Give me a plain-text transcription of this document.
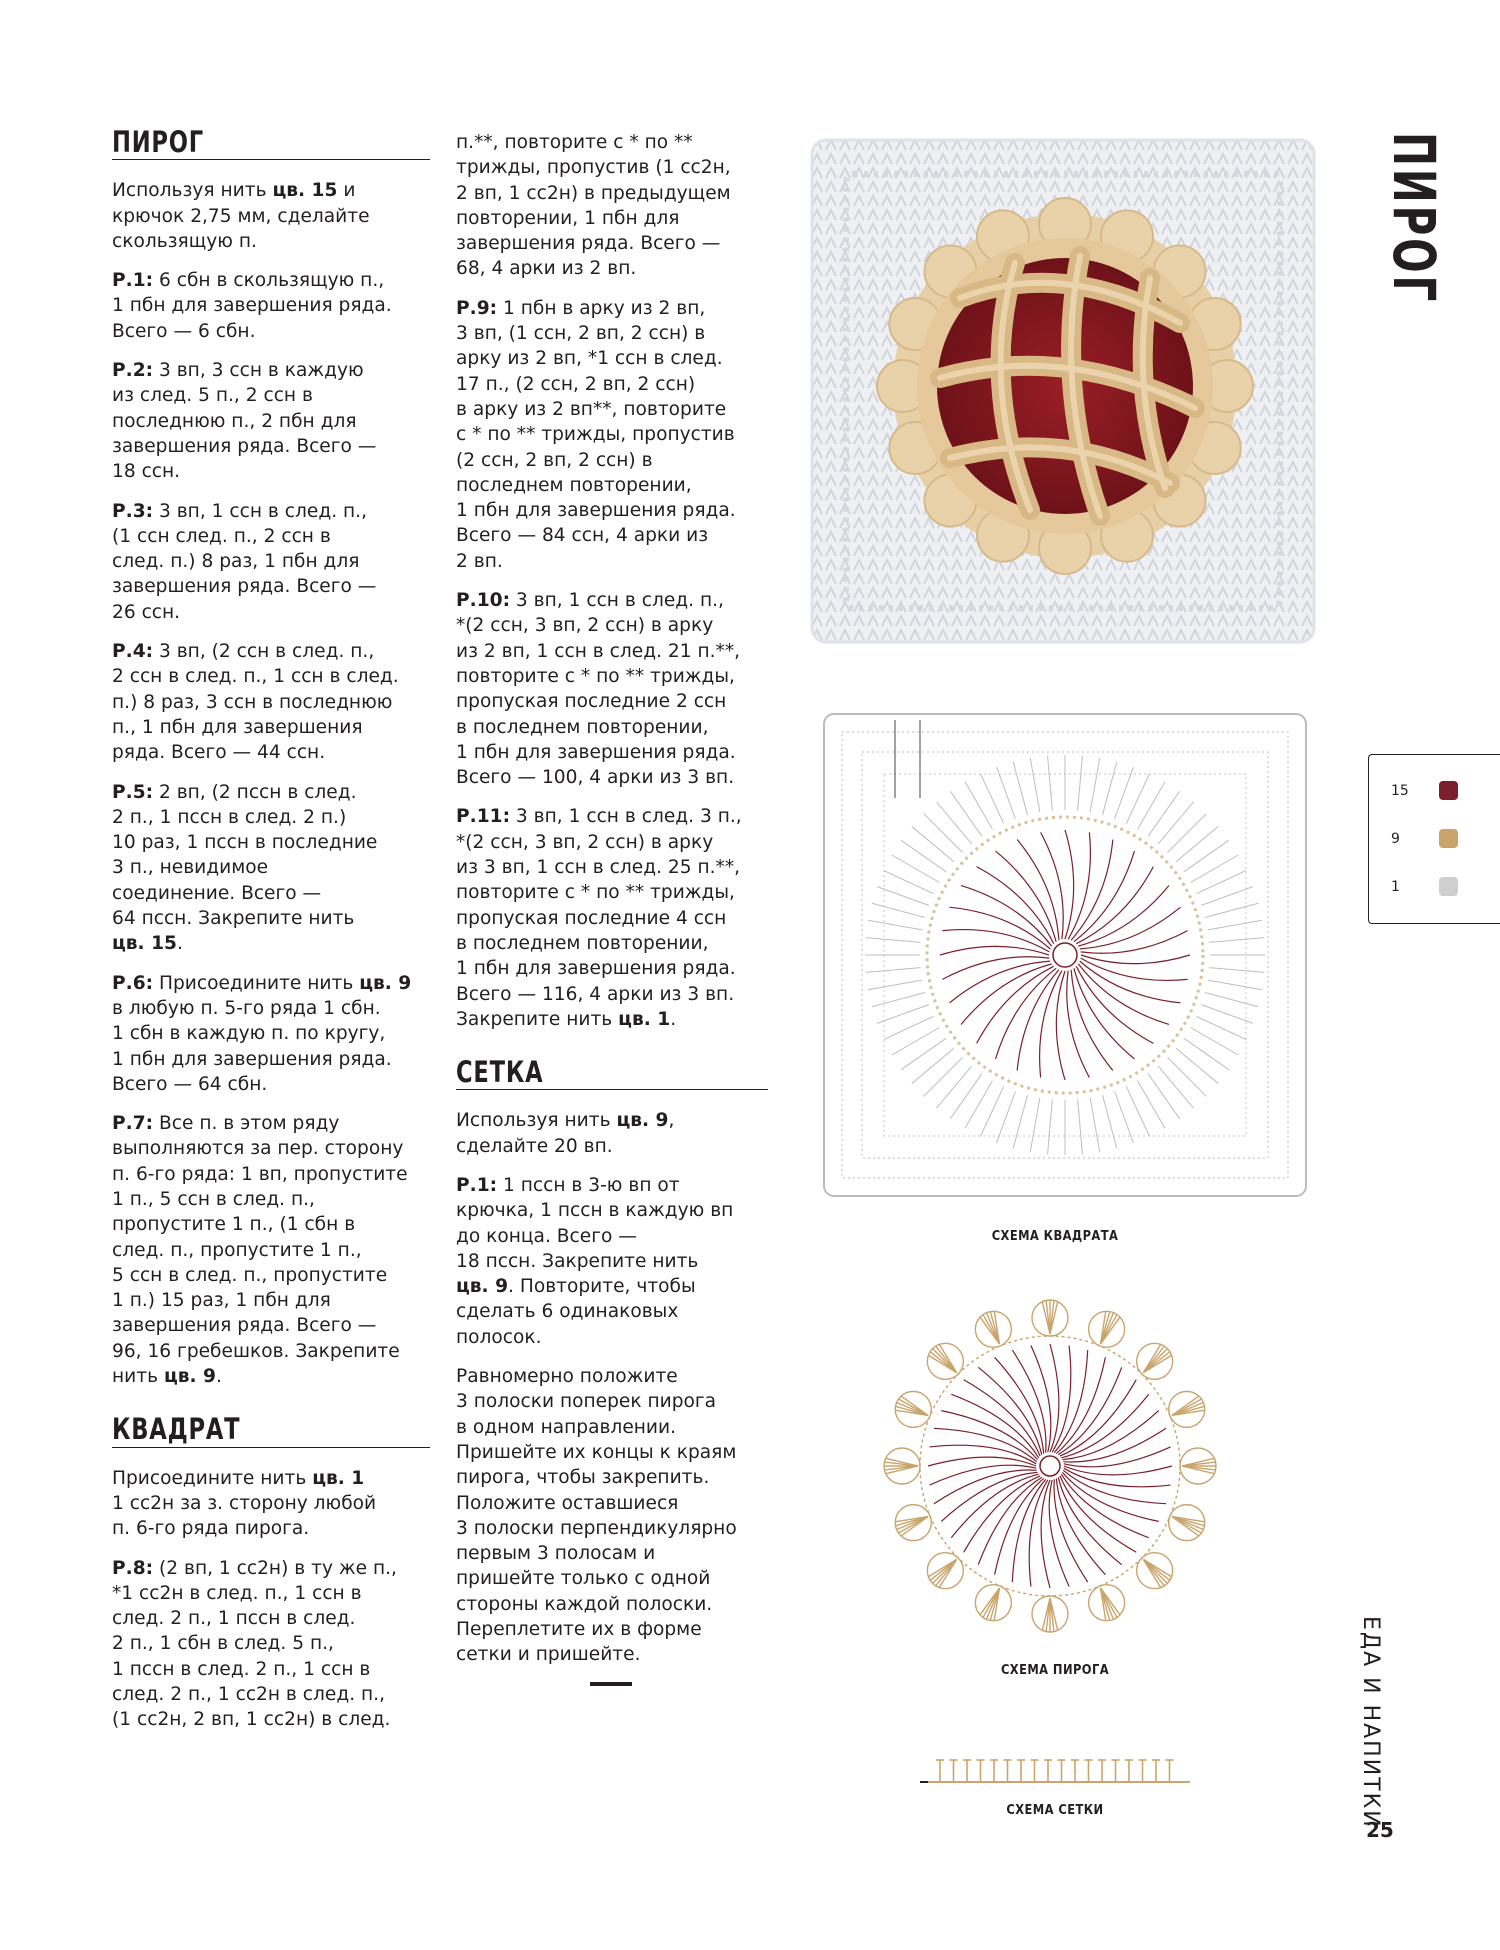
ПИРОГ

Используя нить цв. 15 и
крючок 2,75 мм, сделайте
скользящую п.

Р.1: 6 сбн в скользящую п.,
1 пбн для завершения ряда.
Всего — 6 сбн.

Р.2: 3 вп, 3 ссн в каждую
из след. 5 п., 2 ссн в
последнюю п., 2 пбн для
завершения ряда. Всего —
18 ссн.

Р.3: 3 вп, 1 ссн в след. п.,
(1 ссн след. п., 2 ссн в
след. п.) 8 раз, 1 пбн для
завершения ряда. Всего —
26 ссн.

Р.4: 3 вп, (2 ссн в след. п.,
2 ссн в след. п., 1 ссн в след.
п.) 8 раз, 3 ссн в последнюю
п., 1 пбн для завершения
ряда. Всего — 44 ссн.

Р.5: 2 вп, (2 пссн в след.
2 п., 1 пссн в след. 2 п.)
10 раз, 1 пссн в последние
3 п., невидимое
соединение. Всего —
64 пссн. Закрепите нить
цв. 15.

Р.6: Присоедините нить цв. 9
в любую п. 5-го ряда 1 сбн.
1 сбн в каждую п. по кругу,
1 пбн для завершения ряда.
Всего — 64 сбн.

Р.7: Все п. в этом ряду
выполняются за пер. сторону
п. 6-го ряда: 1 вп, пропустите
1 п., 5 ссн в след. п.,
пропустите 1 п., (1 сбн в
след. п., пропустите 1 п.,
5 ссн в след. п., пропустите
1 п.) 15 раз, 1 пбн для
завершения ряда. Всего —
96, 16 гребешков. Закрепите
нить цв. 9.

КВАДРАТ

Присоедините нить цв. 1
1 сс2н за з. сторону любой
п. 6-го ряда пирога.

Р.8: (2 вп, 1 сс2н) в ту же п.,
*1 сс2н в след. п., 1 ссн в
след. 2 п., 1 пссн в след.
2 п., 1 сбн в след. 5 п.,
1 пссн в след. 2 п., 1 ссн в
след. 2 п., 1 сс2н в след. п.,
(1 сс2н, 2 вп, 1 сс2н) в след.

п.**, повторите с * по **
трижды, пропустив (1 сс2н,
2 вп, 1 сс2н) в предыдущем
повторении, 1 пбн для
завершения ряда. Всего —
68, 4 арки из 2 вп.

Р.9: 1 пбн в арку из 2 вп,
3 вп, (1 ссн, 2 вп, 2 ссн) в
арку из 2 вп, *1 ссн в след.
17 п., (2 ссн, 2 вп, 2 ссн)
в арку из 2 вп**, повторите
с * по ** трижды, пропустив
(2 ссн, 2 вп, 2 ссн) в
последнем повторении,
1 пбн для завершения ряда.
Всего — 84 ссн, 4 арки из
2 вп.

Р.10: 3 вп, 1 ссн в след. п.,
*(2 ссн, 3 вп, 2 ссн) в арку
из 2 вп, 1 ссн в след. 21 п.**,
повторите с * по ** трижды,
пропуская последние 2 ссн
в последнем повторении,
1 пбн для завершения ряда.
Всего — 100, 4 арки из 3 вп.

Р.11: 3 вп, 1 ссн в след. 3 п.,
*(2 ссн, 3 вп, 2 ссн) в арку
из 3 вп, 1 ссн в след. 25 п.**,
повторите с * по ** трижды,
пропуская последние 4 ссн
в последнем повторении,
1 пбн для завершения ряда.
Всего — 116, 4 арки из 3 вп.
Закрепите нить цв. 1.

СЕТКА

Используя нить цв. 9,
сделайте 20 вп.

Р.1: 1 пссн в 3-ю вп от
крючка, 1 пссн в каждую вп
до конца. Всего —
18 пссн. Закрепите нить
цв. 9. Повторите, чтобы
сделать 6 одинаковых
полосок.

Равномерно положите
3 полоски поперек пирога
в одном направлении.
Пришейте их концы к краям
пирога, чтобы закрепить.
Положите оставшиеся
3 полоски перпендикулярно
первым 3 полосам и
пришейте только с одной
стороны каждой полоски.
Переплетите их в форме
сетки и пришейте.

СХЕМА КВАДРАТА
СХЕМА ПИРОГА
СХЕМА СЕТКИ
ПИРОГ
15
9
1
ЕДА И НАПИТКИ
25
